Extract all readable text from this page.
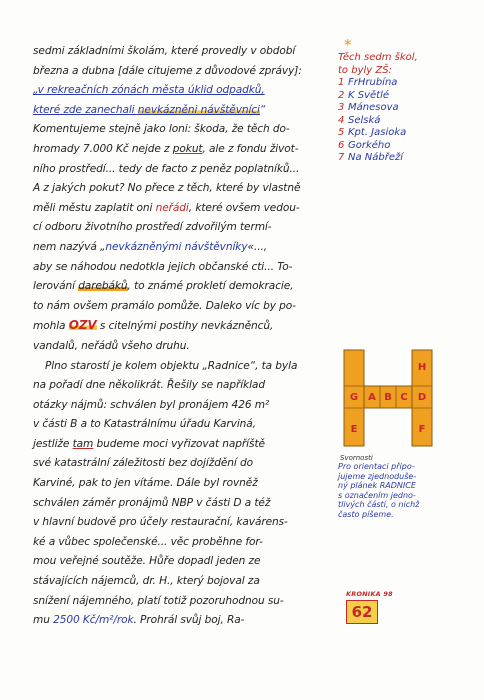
sedmi základními školám, které provedly v období
března a dubna [dále citujeme z důvodové zprávy]:
„v rekreačních zónách města úklid odpadků,
které zde zanechali nevkázněni návštěvníci“
Komentujeme stejně jako loni: škoda, že těch do-
hromady 7.000 Kč nejde z pokut, ale z fondu život-
ního prostředí... tedy de facto z peněz poplatníků...
A z jakých pokut? No přece z těch, které by vlastně
měli městu zaplatit oni neřádi, které ovšem vedou-
cí odboru životního prostředí zdvořilým termí-
nem nazývá „nevkázněnými návštěvníky«...,
aby se náhodou nedotkla jejich občanské cti... To-
lerování darebáků, to známé prokletí demokracie,
to nám ovšem pramálo pomůže. Daleko víc by po-
mohla OZV s citelnými postihy nevkázněnců,
vandalů, neřádů všeho druhu.
Plno starostí je kolem objektu „Radnice“, ta byla
na pořadí dne několikrát. Řešily se například
otázky nájmů: schválen byl pronájem 426 m²
v části B a to Katastrálnímu úřadu Karviná,
jestliže tam budeme moci vyřizovat napříště
své katastrální záležitosti bez dojíždění do
Karviné, pak to jen vítáme. Dále byl rovněž
schválen záměr pronájmů NBP v části D a též
v hlavní budově pro účely restaurační, kavárens-
ké a vůbec společenské... věc proběhne for-
mou veřejné soutěže. Hůře dopadl jeden ze
stávajících nájemců, dr. H., který bojoval za
snížení nájemného, platí totiž pozoruhodnou su-
mu 2500 Kč/m²/rok. Prohrál svůj boj, Ra-
*
Těch sedm škol,
to byly ZŠ:
1 FrHrubína
2 K Světlé
3 Mánesova
4 Selská
5 Kpt. Jasioka
6 Gorkého
7 Na Nábřeží
H
G A B C D
E	F
Svornosti
Pro orientaci připo-
jujeme zjednoduše-
ný plánek RADNICE
s označením jedno-
tlivých částí, o nichž
často píšeme.
KRONIKA 98
62
